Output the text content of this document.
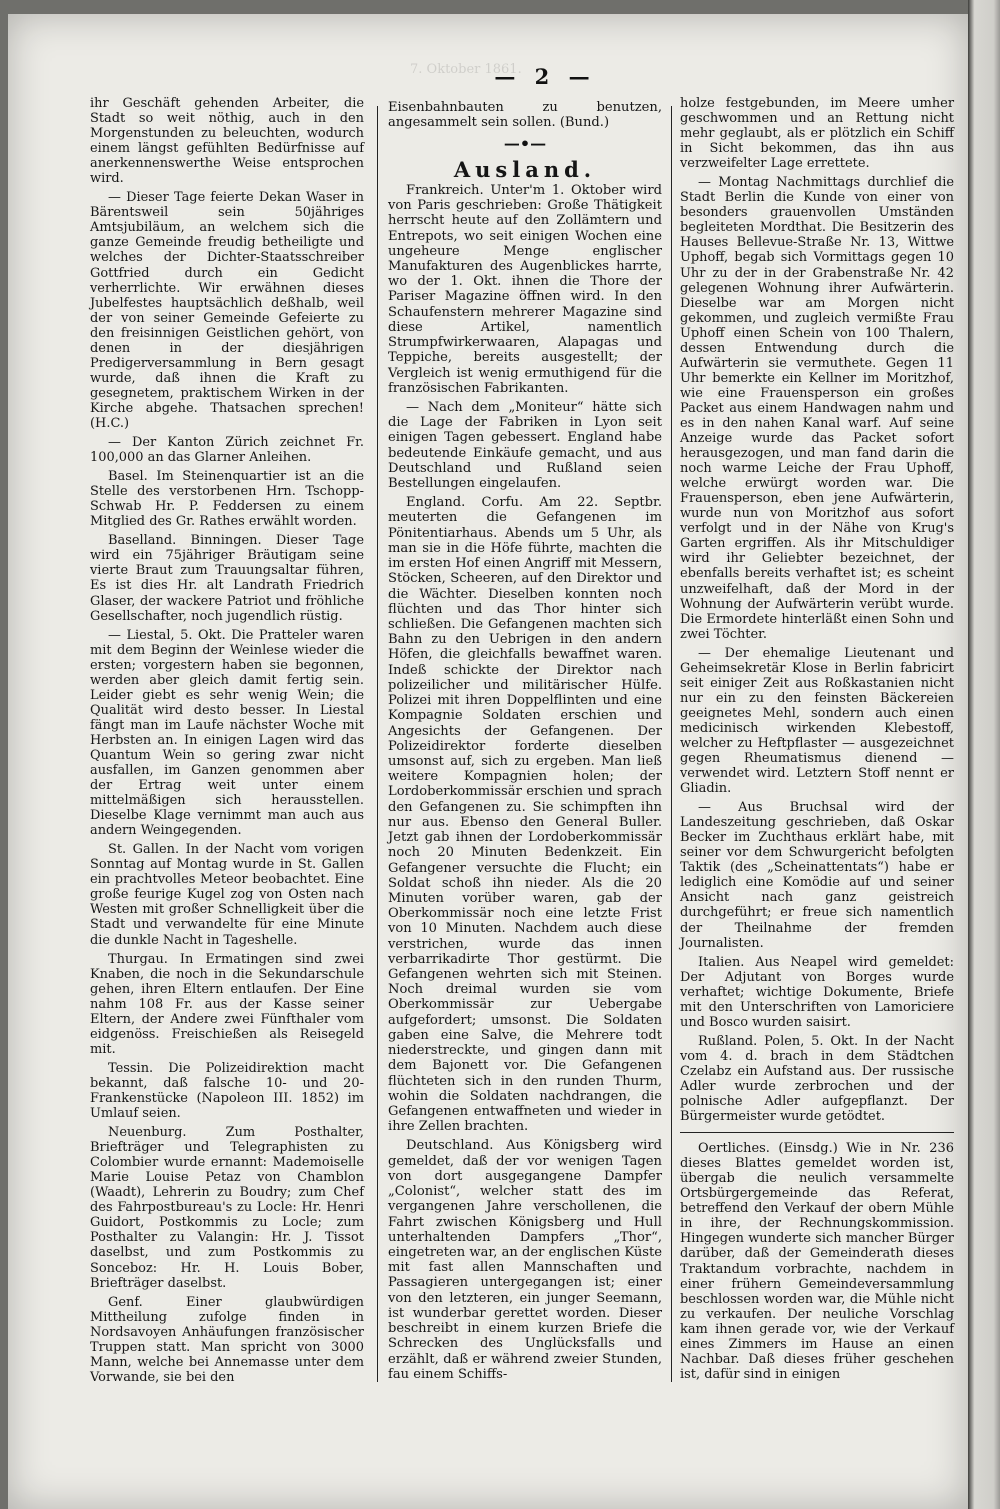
7. Oktober 1861.
— 2 —

ihr Geschäft gehenden Arbeiter, die Stadt so weit nöthig, auch in den Morgenstunden zu beleuchten, wodurch einem längst gefühlten Bedürfnisse auf anerkennenswerthe Weise entsprochen wird.

— Dieser Tage feierte Dekan Waser in Bärentsweil sein 50jähriges Amtsjubiläum, an welchem sich die ganze Gemeinde freudig betheiligte und welches der Dichter-Staatsschreiber Gottfried durch ein Gedicht verherrlichte. Wir erwähnen dieses Jubelfestes hauptsächlich deßhalb, weil der von seiner Gemeinde Gefeierte zu den freisinnigen Geistlichen gehört, von denen in der diesjährigen Predigerversammlung in Bern gesagt wurde, daß ihnen die Kraft zu gesegnetem, praktischem Wirken in der Kirche abgehe. Thatsachen sprechen! (H.C.)

— Der Kanton Zürich zeichnet Fr. 100,000 an das Glarner Anleihen.

Basel. Im Steinenquartier ist an die Stelle des verstorbenen Hrn. Tschopp-Schwab Hr. P. Feddersen zu einem Mitglied des Gr. Rathes erwählt worden.

Baselland. Binningen. Dieser Tage wird ein 75jähriger Bräutigam seine vierte Braut zum Trauungsaltar führen, Es ist dies Hr. alt Landrath Friedrich Glaser, der wackere Patriot und fröhliche Gesellschafter, noch jugendlich rüstig.

— Liestal, 5. Okt. Die Pratteler waren mit dem Beginn der Weinlese wieder die ersten; vorgestern haben sie begonnen, werden aber gleich damit fertig sein. Leider giebt es sehr wenig Wein; die Qualität wird desto besser. In Liestal fängt man im Laufe nächster Woche mit Herbsten an. In einigen Lagen wird das Quantum Wein so gering zwar nicht ausfallen, im Ganzen genommen aber der Ertrag weit unter einem mittelmäßigen sich herausstellen. Dieselbe Klage vernimmt man auch aus andern Weingegenden.

St. Gallen. In der Nacht vom vorigen Sonntag auf Montag wurde in St. Gallen ein prachtvolles Meteor beobachtet. Eine große feurige Kugel zog von Osten nach Westen mit großer Schnelligkeit über die Stadt und verwandelte für eine Minute die dunkle Nacht in Tageshelle.

Thurgau. In Ermatingen sind zwei Knaben, die noch in die Sekundarschule gehen, ihren Eltern entlaufen. Der Eine nahm 108 Fr. aus der Kasse seiner Eltern, der Andere zwei Fünfthaler vom eidgenöss. Freischießen als Reisegeld mit.

Tessin. Die Polizeidirektion macht bekannt, daß falsche 10- und 20-Frankenstücke (Napoleon III. 1852) im Umlauf seien.

Neuenburg. Zum Posthalter, Briefträger und Telegraphisten zu Colombier wurde ernannt: Mademoiselle Marie Louise Petaz von Chamblon (Waadt), Lehrerin zu Boudry; zum Chef des Fahrpostbureau's zu Locle: Hr. Henri Guidort, Postkommis zu Locle; zum Posthalter zu Valangin: Hr. J. Tissot daselbst, und zum Postkommis zu Sonceboz: Hr. H. Louis Bober, Briefträger daselbst.

Genf. Einer glaubwürdigen Mittheilung zufolge finden in Nordsavoyen Anhäufungen französischer Truppen statt. Man spricht von 3000 Mann, welche bei Annemasse unter dem Vorwande, sie bei den

Eisenbahnbauten zu benutzen, angesammelt sein sollen. (Bund.)

—•—
Ausland.

Frankreich. Unter'm 1. Oktober wird von Paris geschrieben: Große Thätigkeit herrscht heute auf den Zollämtern und Entrepots, wo seit einigen Wochen eine ungeheure Menge englischer Manufakturen des Augenblickes harrte, wo der 1. Okt. ihnen die Thore der Pariser Magazine öffnen wird. In den Schaufenstern mehrerer Magazine sind diese Artikel, namentlich Strumpfwirkerwaaren, Alapagas und Teppiche, bereits ausgestellt; der Vergleich ist wenig ermuthigend für die französischen Fabrikanten.

— Nach dem „Moniteur“ hätte sich die Lage der Fabriken in Lyon seit einigen Tagen gebessert. England habe bedeutende Einkäufe gemacht, und aus Deutschland und Rußland seien Bestellungen eingelaufen.

England. Corfu. Am 22. Septbr. meuterten die Gefangenen im Pönitentiarhaus. Abends um 5 Uhr, als man sie in die Höfe führte, machten die im ersten Hof einen Angriff mit Messern, Stöcken, Scheeren, auf den Direktor und die Wächter. Dieselben konnten noch flüchten und das Thor hinter sich schließen. Die Gefangenen machten sich Bahn zu den Uebrigen in den andern Höfen, die gleichfalls bewaffnet waren. Indeß schickte der Direktor nach polizeilicher und militärischer Hülfe. Polizei mit ihren Doppelflinten und eine Kompagnie Soldaten erschien und Angesichts der Gefangenen. Der Polizeidirektor forderte dieselben umsonst auf, sich zu ergeben. Man ließ weitere Kompagnien holen; der Lordoberkommissär erschien und sprach den Gefangenen zu. Sie schimpften ihn nur aus. Ebenso den General Buller. Jetzt gab ihnen der Lordoberkommissär noch 20 Minuten Bedenkzeit. Ein Gefangener versuchte die Flucht; ein Soldat schoß ihn nieder. Als die 20 Minuten vorüber waren, gab der Oberkommissär noch eine letzte Frist von 10 Minuten. Nachdem auch diese verstrichen, wurde das innen verbarrikadirte Thor gestürmt. Die Gefangenen wehrten sich mit Steinen. Noch dreimal wurden sie vom Oberkommissär zur Uebergabe aufgefordert; umsonst. Die Soldaten gaben eine Salve, die Mehrere todt niederstreckte, und gingen dann mit dem Bajonett vor. Die Gefangenen flüchteten sich in den runden Thurm, wohin die Soldaten nachdrangen, die Gefangenen entwaffneten und wieder in ihre Zellen brachten.

Deutschland. Aus Königsberg wird gemeldet, daß der vor wenigen Tagen von dort ausgegangene Dampfer „Colonist“, welcher statt des im vergangenen Jahre verschollenen, die Fahrt zwischen Königsberg und Hull unterhaltenden Dampfers „Thor“, eingetreten war, an der englischen Küste mit fast allen Mannschaften und Passagieren untergegangen ist; einer von den letzteren, ein junger Seemann, ist wunderbar gerettet worden. Dieser beschreibt in einem kurzen Briefe die Schrecken des Unglücksfalls und erzählt, daß er während zweier Stunden, fau einem Schiffs-

holze festgebunden, im Meere umher geschwommen und an Rettung nicht mehr geglaubt, als er plötzlich ein Schiff in Sicht bekommen, das ihn aus verzweifelter Lage errettete.

— Montag Nachmittags durchlief die Stadt Berlin die Kunde von einer von besonders grauenvollen Umständen begleiteten Mordthat. Die Besitzerin des Hauses Bellevue-Straße Nr. 13, Wittwe Uphoff, begab sich Vormittags gegen 10 Uhr zu der in der Grabenstraße Nr. 42 gelegenen Wohnung ihrer Aufwärterin. Dieselbe war am Morgen nicht gekommen, und zugleich vermißte Frau Uphoff einen Schein von 100 Thalern, dessen Entwendung durch die Aufwärterin sie vermuthete. Gegen 11 Uhr bemerkte ein Kellner im Moritzhof, wie eine Frauensperson ein großes Packet aus einem Handwagen nahm und es in den nahen Kanal warf. Auf seine Anzeige wurde das Packet sofort herausgezogen, und man fand darin die noch warme Leiche der Frau Uphoff, welche erwürgt worden war. Die Frauensperson, eben jene Aufwärterin, wurde nun von Moritzhof aus sofort verfolgt und in der Nähe von Krug's Garten ergriffen. Als ihr Mitschuldiger wird ihr Geliebter bezeichnet, der ebenfalls bereits verhaftet ist; es scheint unzweifelhaft, daß der Mord in der Wohnung der Aufwärterin verübt wurde. Die Ermordete hinterläßt einen Sohn und zwei Töchter.

— Der ehemalige Lieutenant und Geheimsekretär Klose in Berlin fabricirt seit einiger Zeit aus Roßkastanien nicht nur ein zu den feinsten Bäckereien geeignetes Mehl, sondern auch einen medicinisch wirkenden Klebestoff, welcher zu Heftpflaster — ausgezeichnet gegen Rheumatismus dienend — verwendet wird. Letztern Stoff nennt er Gliadin.

— Aus Bruchsal wird der Landeszeitung geschrieben, daß Oskar Becker im Zuchthaus erklärt habe, mit seiner vor dem Schwurgericht befolgten Taktik (des „Scheinattentats“) habe er lediglich eine Komödie auf und seiner Ansicht nach ganz geistreich durchgeführt; er freue sich namentlich der Theilnahme der fremden Journalisten.

Italien. Aus Neapel wird gemeldet: Der Adjutant von Borges wurde verhaftet; wichtige Dokumente, Briefe mit den Unterschriften von Lamoriciere und Bosco wurden saisirt.

Rußland. Polen, 5. Okt. In der Nacht vom 4. d. brach in dem Städtchen Czelabz ein Aufstand aus. Der russische Adler wurde zerbrochen und der polnische Adler aufgepflanzt. Der Bürgermeister wurde getödtet.

Oertliches. (Einsdg.) Wie in Nr. 236 dieses Blattes gemeldet worden ist, übergab die neulich versammelte Ortsbürgergemeinde das Referat, betreffend den Verkauf der obern Mühle in ihre, der Rechnungskommission. Hingegen wunderte sich mancher Bürger darüber, daß der Gemeinderath dieses Traktandum vorbrachte, nachdem in einer frühern Gemeindeversammlung beschlossen worden war, die Mühle nicht zu verkaufen. Der neuliche Vorschlag kam ihnen gerade vor, wie der Verkauf eines Zimmers im Hause an einen Nachbar. Daß dieses früher geschehen ist, dafür sind in einigen
